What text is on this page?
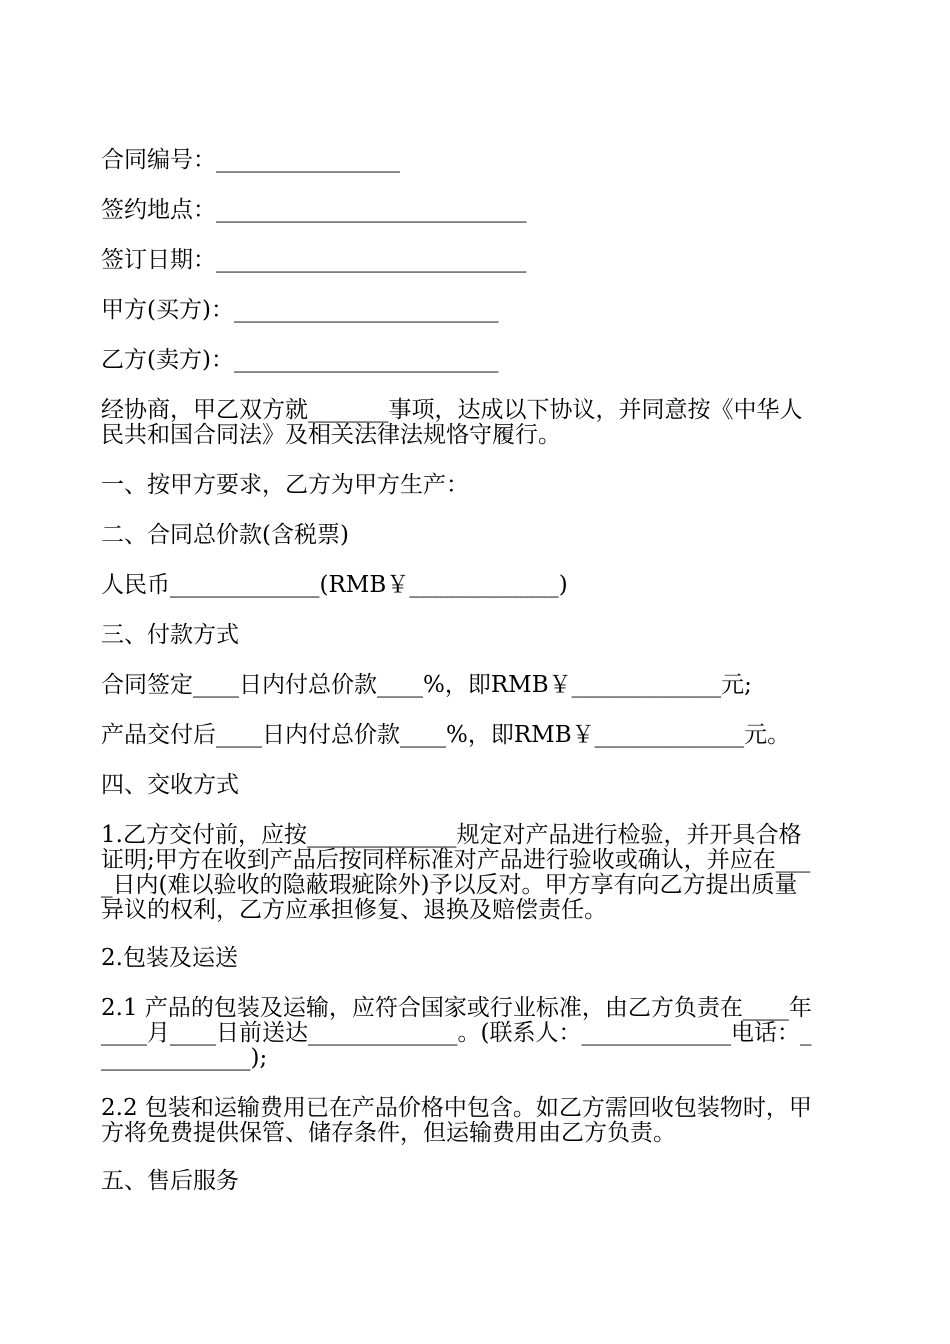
合同编号：________________

签约地点：___________________________

签订日期：___________________________

甲方(买方)：_______________________

乙方(卖方)：_______________________

经协商，甲乙双方就_______事项，达成以下协议，并同意按《中华人
民共和国合同法》及相关法律法规恪守履行。

一、按甲方要求，乙方为甲方生产：

二、合同总价款(含税票)

人民币_____________(RMB￥_____________)

三、付款方式

合同签定____日内付总价款____%，即RMB￥_____________元;

产品交付后____日内付总价款____%，即RMB￥_____________元。

四、交收方式

1.乙方交付前，应按_____________规定对产品进行检验，并开具合格
证明;甲方在收到产品后按同样标准对产品进行验收或确认，并应在___
_日内(难以验收的隐蔽瑕疵除外)予以反对。甲方享有向乙方提出质量
异议的权利，乙方应承担修复、退换及赔偿责任。

2.包装及运送

2.1 产品的包装及运输，应符合国家或行业标准，由乙方负责在____年
____月____日前送达_____________。(联系人：_____________电话：_
_____________);

2.2 包装和运输费用已在产品价格中包含。如乙方需回收包装物时，甲
方将免费提供保管、储存条件，但运输费用由乙方负责。

五、售后服务
